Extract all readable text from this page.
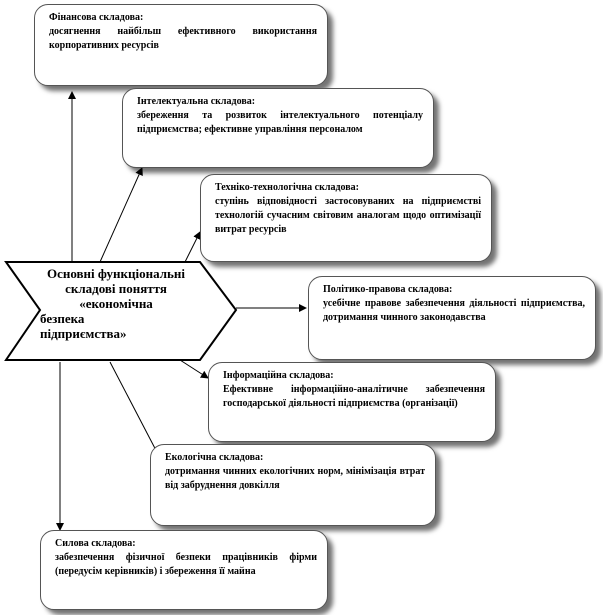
Основні функціональні
складові поняття
«економічна
безпека
підприємства»
Фінансова складова:
досягнення найбільш ефективного використання корпоративних ресурсів
Інтелектуальна складова:
збереження та розвиток інтелектуального потенціалу підприємства; ефективне управління персоналом
Техніко-технологічна складова:
ступінь відповідності застосовуваних на підприємстві технологій сучасним світовим аналогам щодо оптимізації витрат ресурсів
Політико-правова складова:
усебічне правове забезпечення діяльності підприємства, дотримання чинного законодавства
Інформаційна складова:
Ефективне інформаційно-аналітичне забезпечення господарської діяльності підприємства (організації)
Екологічна складова:
дотримання чинних екологічних норм, мінімізація втрат від забруднення довкілля
Силова складова:
забезпечення фізичної безпеки працівників фірми (передусім керівників) і збереження її майна
